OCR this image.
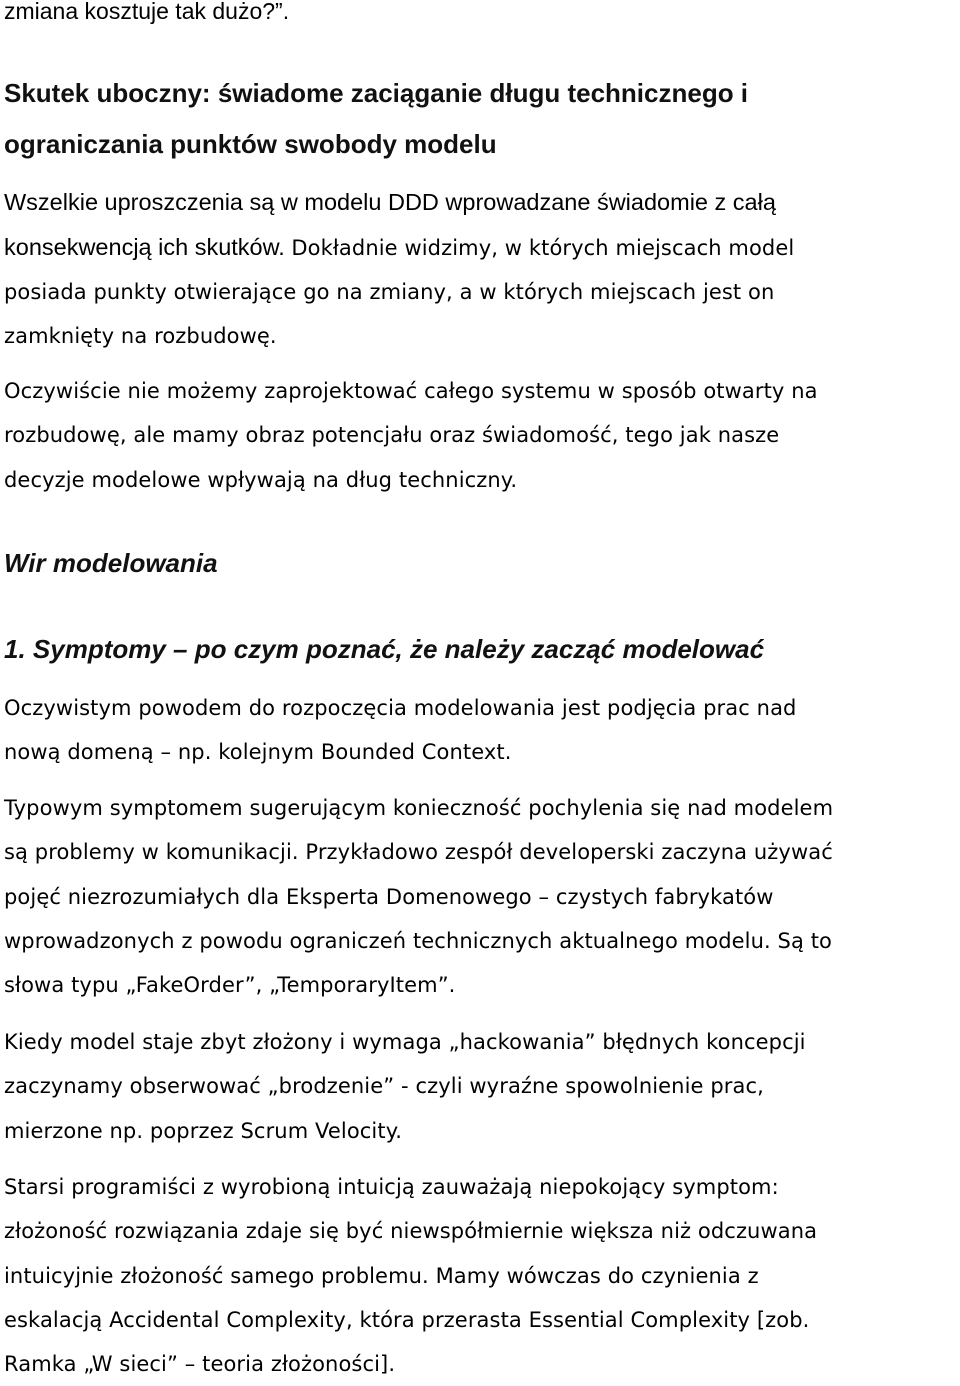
zmiana kosztuje tak dużo?”.

Skutek uboczny: świadome zaciąganie długu technicznego i
ograniczania punktów swobody modelu

Wszelkie uproszczenia są w modelu DDD wprowadzane świadomie z całą
konsekwencją ich skutków. Dokładnie widzimy, w których miejscach model

posiada punkty otwierające go na zmiany, a w których miejscach jest on
zamknięty na rozbudowę.

Oczywiście nie możemy zaprojektować całego systemu w sposób otwarty na
rozbudowę, ale mamy obraz potencjału oraz świadomość, tego jak nasze
decyzje modelowe wpływają na dług techniczny.

Wir modelowania
1. Symptomy – po czym poznać, że należy zacząć modelować

Oczywistym powodem do rozpoczęcia modelowania jest podjęcia prac nad
nową domeną – np. kolejnym Bounded Context.

Typowym symptomem sugerującym konieczność pochylenia się nad modelem
są problemy w komunikacji. Przykładowo zespół developerski zaczyna używać
pojęć niezrozumiałych dla Eksperta Domenowego – czystych fabrykatów
wprowadzonych z powodu ograniczeń technicznych aktualnego modelu. Są to
słowa typu „FakeOrder”, „TemporaryItem”.

Kiedy model staje zbyt złożony i wymaga „hackowania” błędnych koncepcji
zaczynamy obserwować „brodzenie” - czyli wyraźne spowolnienie prac,
mierzone np. poprzez Scrum Velocity.

Starsi programiści z wyrobioną intuicją zauważają niepokojący symptom:
złożoność rozwiązania zdaje się być niewspółmiernie większa niż odczuwana
intuicyjnie złożoność samego problemu. Mamy wówczas do czynienia z
eskalacją Accidental Complexity, która przerasta Essential Complexity [zob.
Ramka „W sieci” – teoria złożoności].
